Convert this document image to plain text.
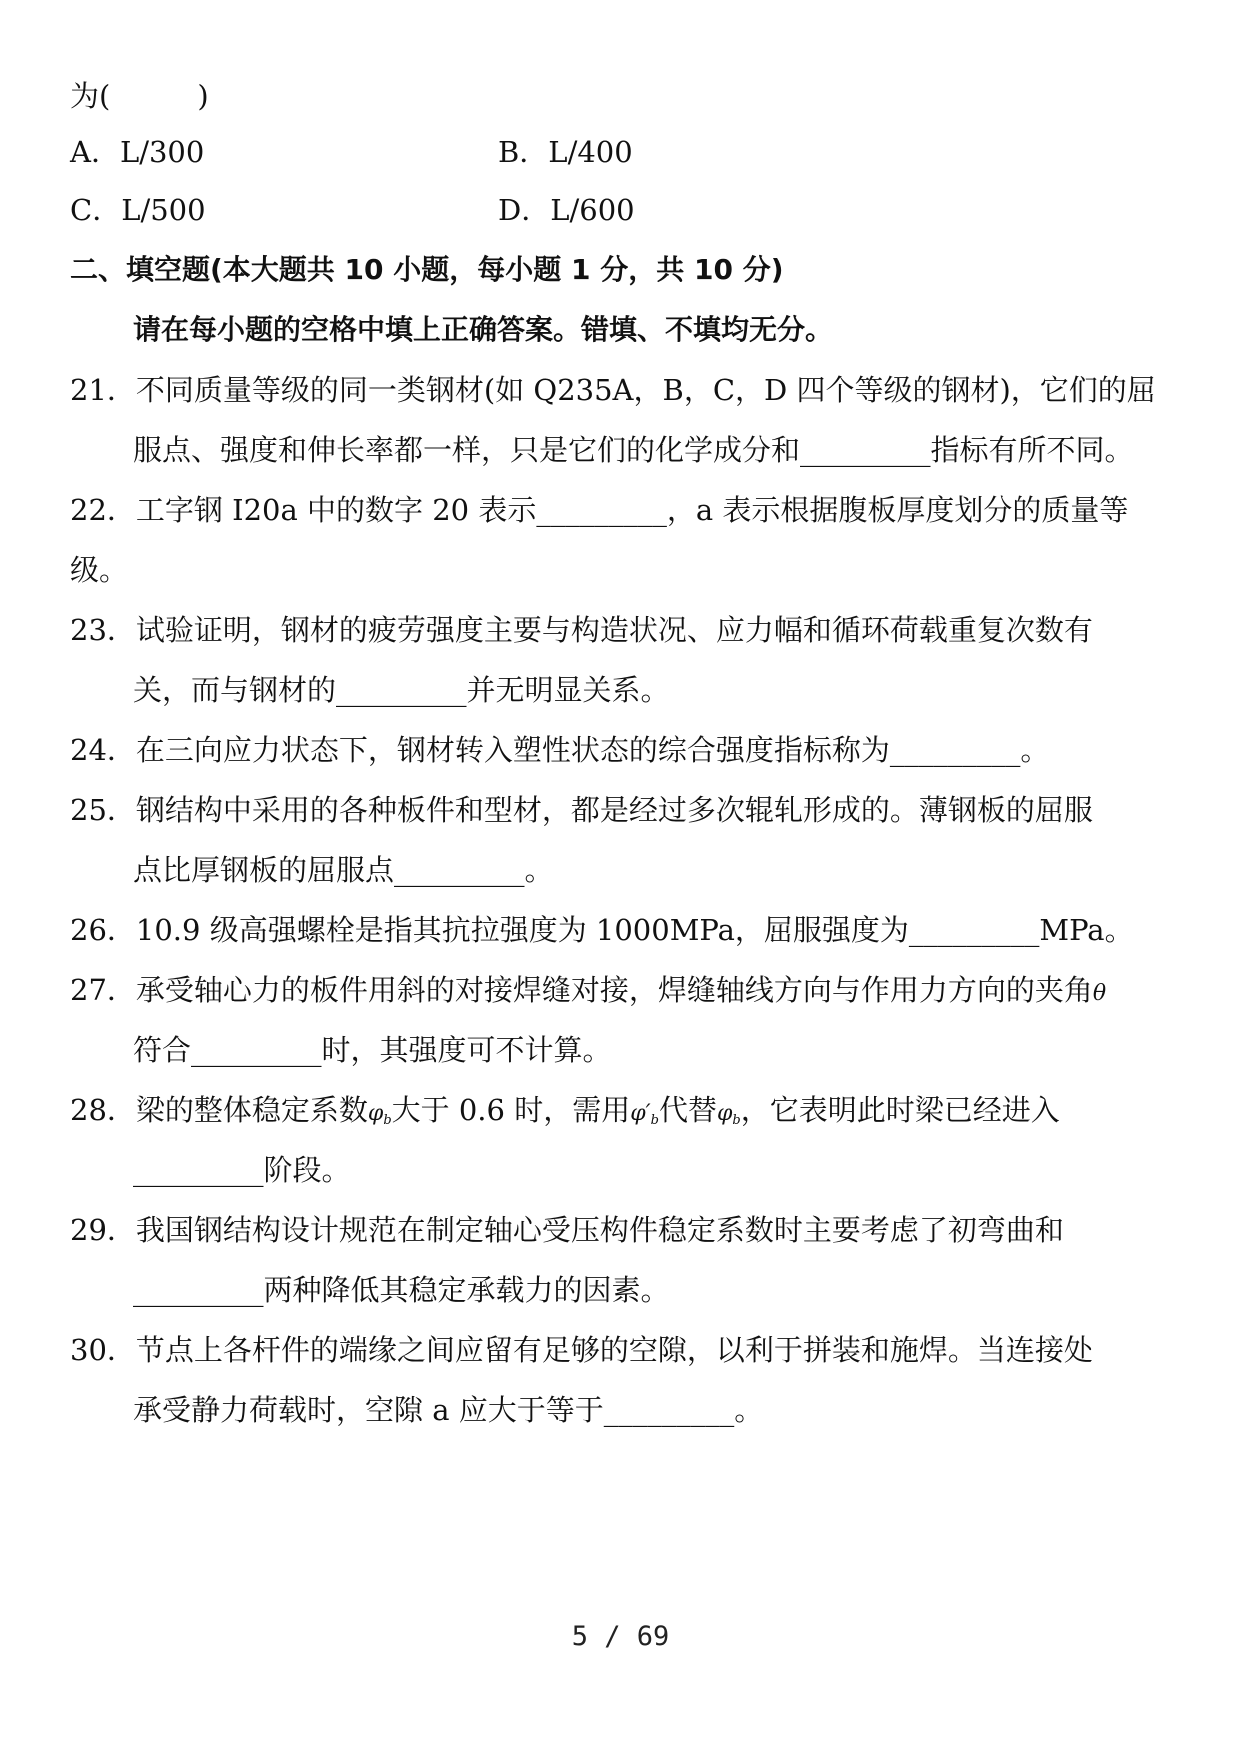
为(　　　)
A．L/300	B．L/400
C．L/500	D．L/600
二、填空题(本大题共 10 小题，每小题 1 分，共 10 分)
请在每小题的空格中填上正确答案。错填、不填均无分。
21．不同质量等级的同一类钢材(如 Q235A，B，C，D 四个等级的钢材)，它们的屈
服点、强度和伸长率都一样，只是它们的化学成分和_________指标有所不同。
22．工字钢 I20a 中的数字 20 表示_________，a 表示根据腹板厚度划分的质量等
级。
23．试验证明，钢材的疲劳强度主要与构造状况、应力幅和循环荷载重复次数有
关，而与钢材的_________并无明显关系。
24．在三向应力状态下，钢材转入塑性状态的综合强度指标称为_________。
25．钢结构中采用的各种板件和型材，都是经过多次辊轧形成的。薄钢板的屈服
点比厚钢板的屈服点_________。
26．10.9 级高强螺栓是指其抗拉强度为 1000MPa，屈服强度为_________MPa。
27．承受轴心力的板件用斜的对接焊缝对接，焊缝轴线方向与作用力方向的夹角θ
符合_________时，其强度可不计算。
28．梁的整体稳定系数$\varphi_b$大于 0.6 时，需用$\varphi'_b$代替$\varphi_b$，它表明此时梁已经进入
_________阶段。
29．我国钢结构设计规范在制定轴心受压构件稳定系数时主要考虑了初弯曲和
_________两种降低其稳定承载力的因素。
30．节点上各杆件的端缘之间应留有足够的空隙，以利于拼装和施焊。当连接处
承受静力荷载时，空隙 a 应大于等于_________。
5 / 69
